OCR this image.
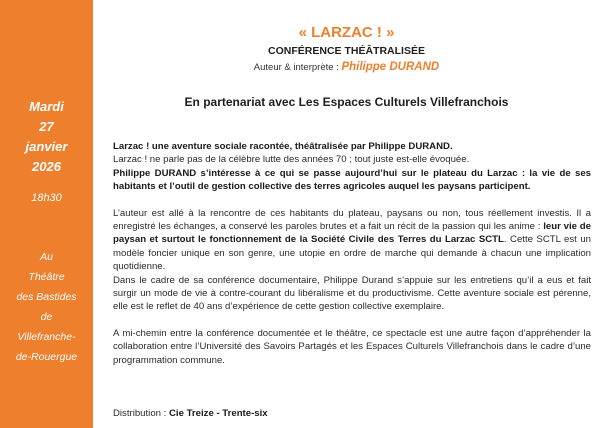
Mardi
27
janvier
2026
18h30
Au
Théâtre
des Bastides
de
Villefranche-
de-Rouergue
« LARZAC ! »
CONFÉRENCE THÉÂTRALISÉE
Auteur & interprète : Philippe DURAND
En partenariat avec Les Espaces Culturels Villefranchois

Larzac ! une aventure sociale racontée, théâtralisée par Philippe DURAND.
Larzac ! ne parle pas de la célèbre lutte des années 70 ; tout juste est-elle évoquée.
Philippe DURAND s’intéresse à ce qui se passe aujourd’hui sur le plateau du Larzac : la vie de ses habitants et l’outil de gestion collective des terres agricoles auquel les paysans participent.

L’auteur est allé à la rencontre de ces habitants du plateau, paysans ou non, tous réellement investis. Il a enregistré les échanges, a conservé les paroles brutes et a fait un récit de la passion qui les anime : leur vie de paysan et surtout le fonctionnement de la Société Civile des Terres du Larzac SCTL. Cette SCTL est un modèle foncier unique en son genre, une utopie en ordre de marche qui demande à chacun une implication quotidienne.

Dans le cadre de sa conférence documentaire, Philippe Durand s’appuie sur les entretiens qu’il a eus et fait surgir un mode de vie à contre-courant du libéralisme et du productivisme. Cette aventure sociale est pérenne, elle est le reflet de 40 ans d’expérience de cette gestion collective exemplaire.

A mi-chemin entre la conférence documentée et le théâtre, ce spectacle est une autre façon d’appréhender la collaboration entre l’Université des Savoirs Partagés et les Espaces Culturels Villefranchois dans le cadre d’une programmation commune.

Distribution : Cie Treize - Trente-six
